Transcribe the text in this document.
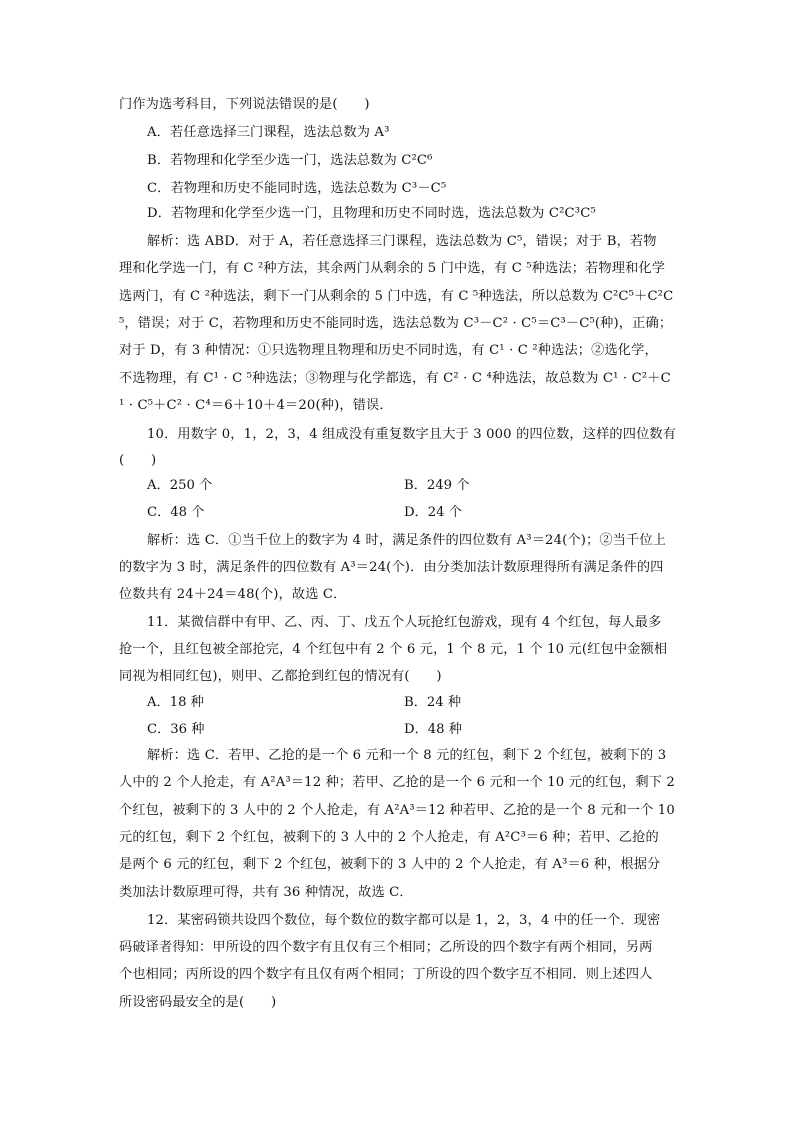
门作为选考科目，下列说法错误的是(　　)
A．若任意选择三门课程，选法总数为 A³
B．若物理和化学至少选一门，选法总数为 C²C⁶
C．若物理和历史不能同时选，选法总数为 C³－C⁵
D．若物理和化学至少选一门，且物理和历史不同时选，选法总数为 C²C³C⁵
解析：选 ABD．对于 A，若任意选择三门课程，选法总数为 C⁵，错误；对于 B，若物
理和化学选一门，有 C ²种方法，其余两门从剩余的 5 门中选，有 C ⁵种选法；若物理和化学
选两门，有 C ²种选法，剩下一门从剩余的 5 门中选，有 C ⁵种选法，所以总数为 C²C⁵＋C²C
⁵，错误；对于 C，若物理和历史不能同时选，选法总数为 C³－C² · C⁵＝C³－C⁵(种)，正确；
对于 D，有 3 种情况：①只选物理且物理和历史不同时选，有 C¹ · C ²种选法；②选化学，
不选物理，有 C¹ · C ⁵种选法；③物理与化学都选，有 C² · C ⁴种选法，故总数为 C¹ · C²＋C
¹ · C⁵＋C² · C⁴＝6＋10＋4＝20(种)，错误．
10．用数字 0，1，2，3，4 组成没有重复数字且大于 3 000 的四位数，这样的四位数有
(　　)
A．250 个	B．249 个
C．48 个	D．24 个
解析：选 C．①当千位上的数字为 4 时，满足条件的四位数有 A³＝24(个)；②当千位上
的数字为 3 时，满足条件的四位数有 A³＝24(个)．由分类加法计数原理得所有满足条件的四
位数共有 24＋24＝48(个)，故选 C．
11．某微信群中有甲、乙、丙、丁、戊五个人玩抢红包游戏，现有 4 个红包，每人最多
抢一个，且红包被全部抢完，4 个红包中有 2 个 6 元，1 个 8 元，1 个 10 元(红包中金额相
同视为相同红包)，则甲、乙都抢到红包的情况有(　　)
A．18 种	B．24 种
C．36 种	D．48 种
解析：选 C．若甲、乙抢的是一个 6 元和一个 8 元的红包，剩下 2 个红包，被剩下的 3
人中的 2 个人抢走，有 A²A³＝12 种；若甲、乙抢的是一个 6 元和一个 10 元的红包，剩下 2
个红包，被剩下的 3 人中的 2 个人抢走，有 A²A³＝12 种若甲、乙抢的是一个 8 元和一个 10
元的红包，剩下 2 个红包，被剩下的 3 人中的 2 个人抢走，有 A²C³＝6 种；若甲、乙抢的
是两个 6 元的红包，剩下 2 个红包，被剩下的 3 人中的 2 个人抢走，有 A³＝6 种，根据分
类加法计数原理可得，共有 36 种情况，故选 C．
12．某密码锁共设四个数位，每个数位的数字都可以是 1，2，3，4 中的任一个．现密
码破译者得知：甲所设的四个数字有且仅有三个相同；乙所设的四个数字有两个相同，另两
个也相同；丙所设的四个数字有且仅有两个相同；丁所设的四个数字互不相同．则上述四人
所设密码最安全的是(　　)
